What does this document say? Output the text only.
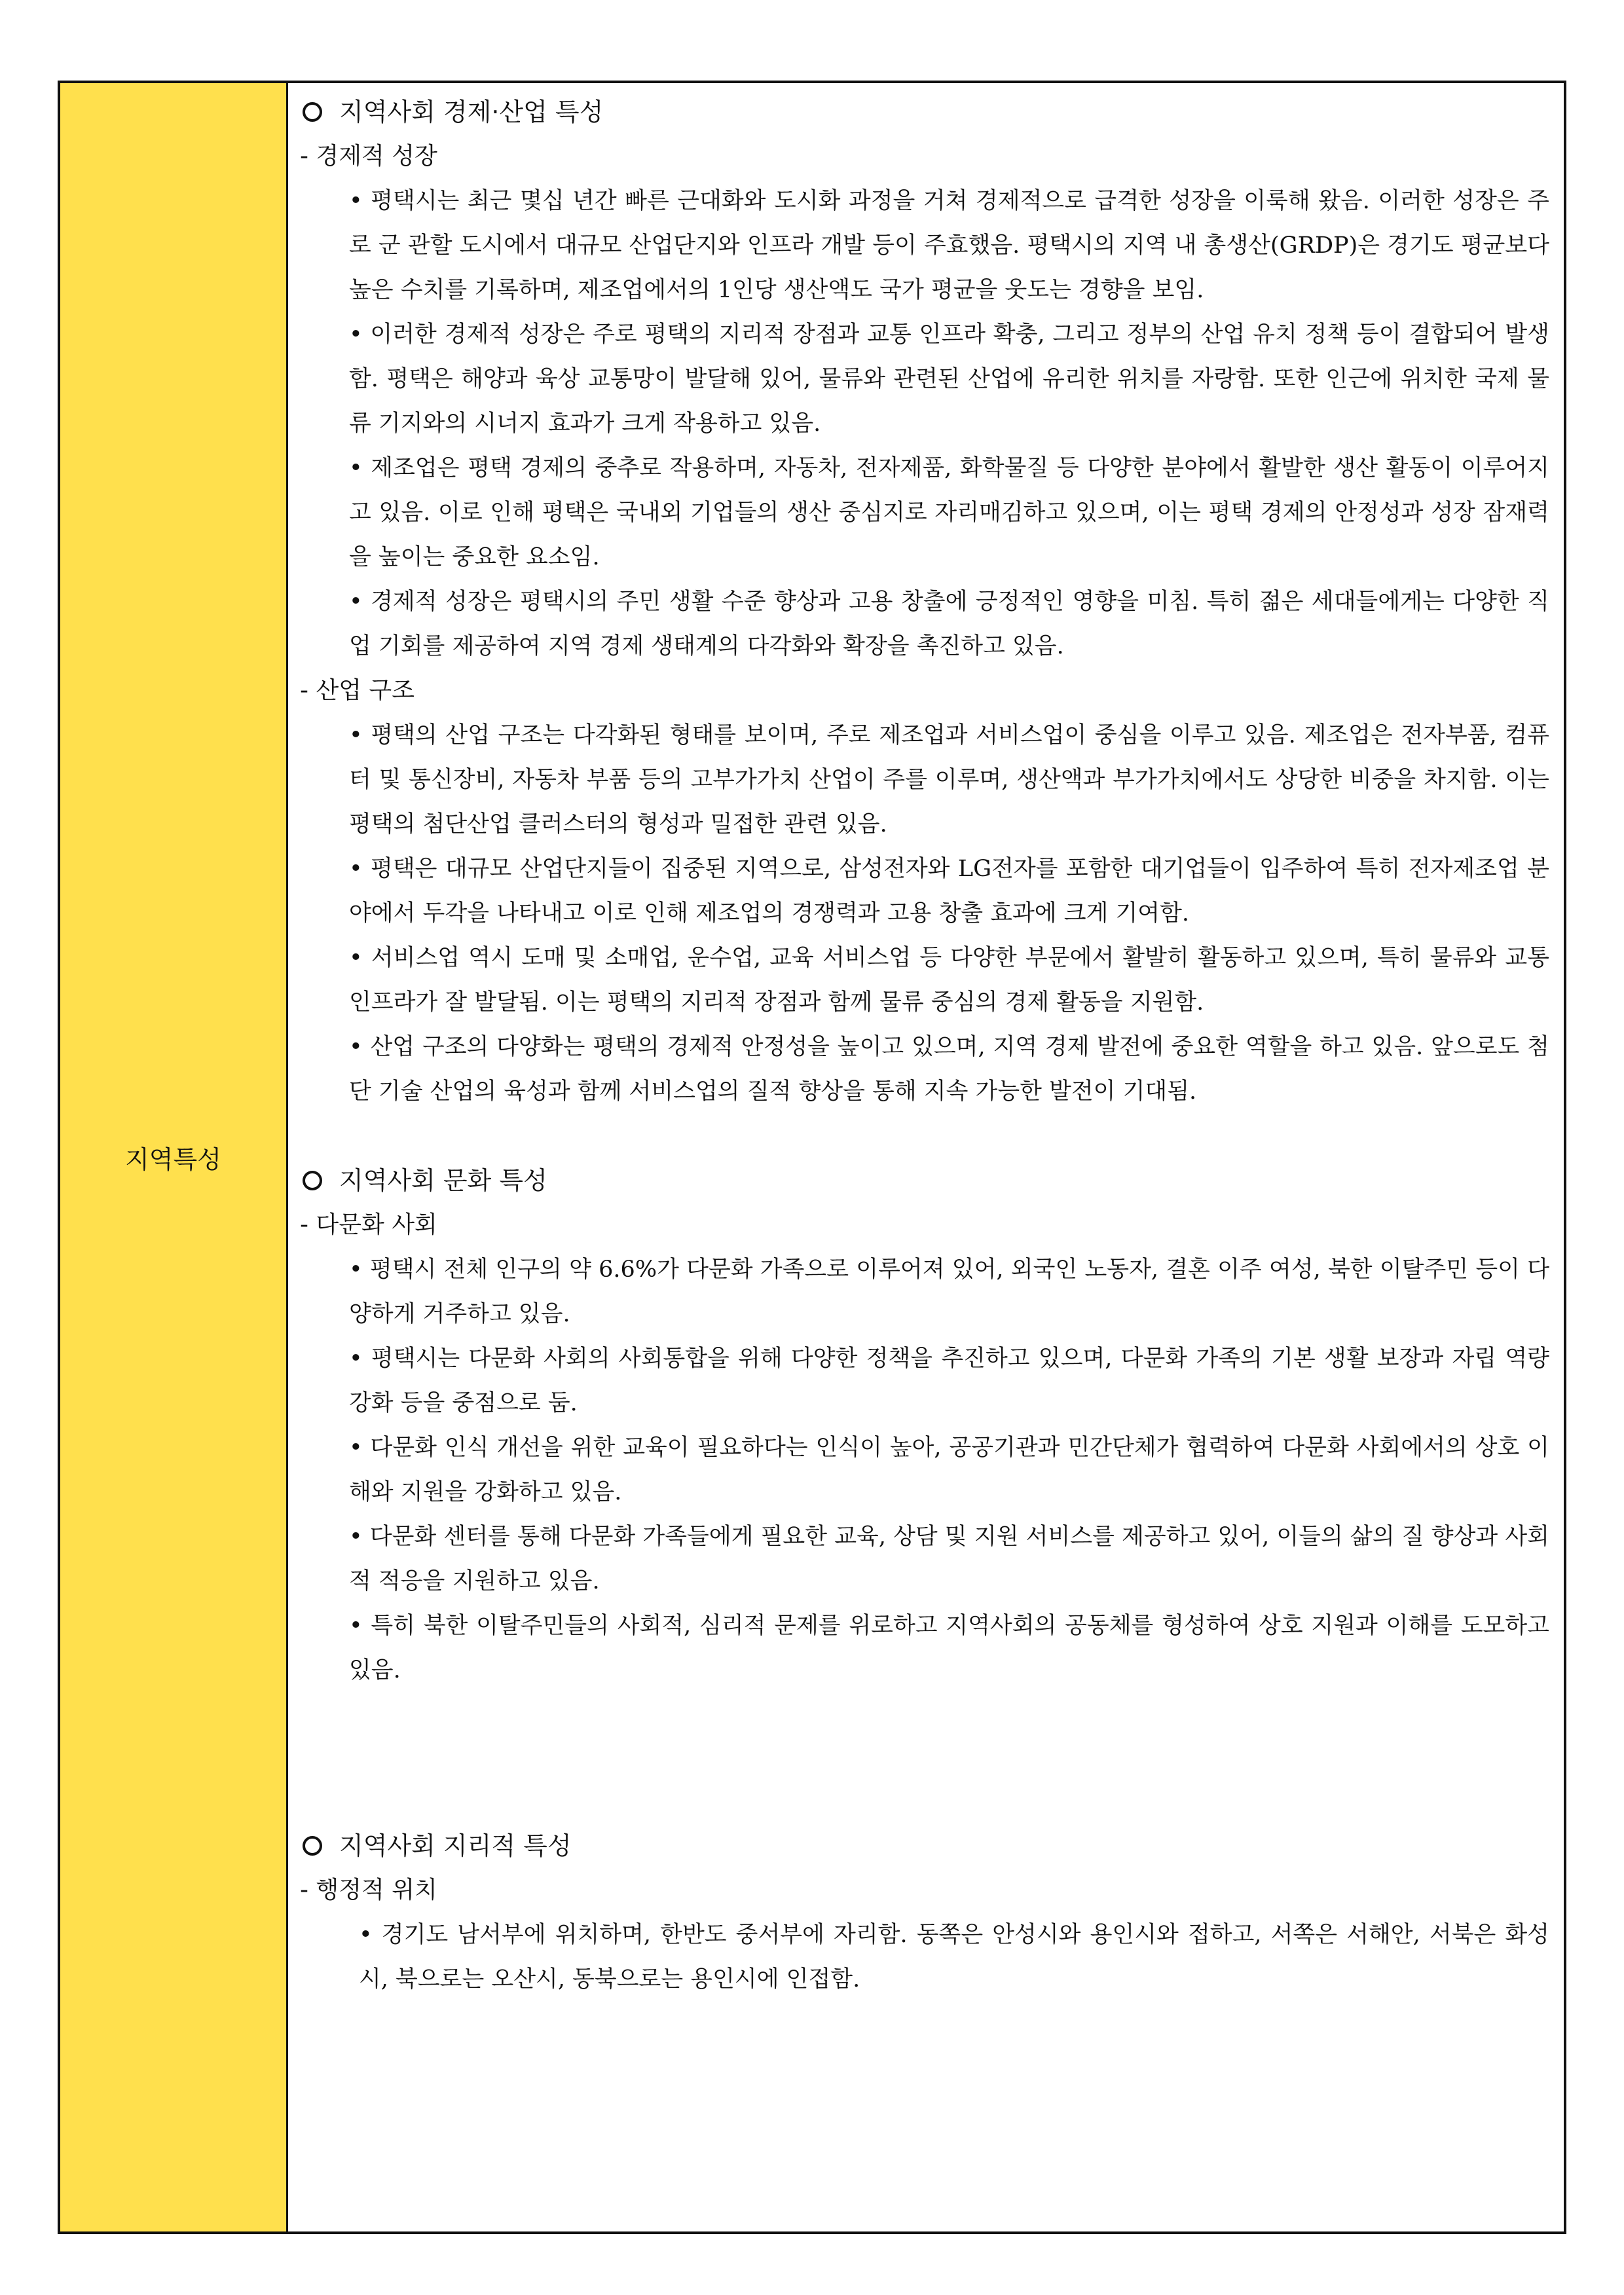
지역특성
지역사회 경제·산업 특성
- 경제적 성장
• 평택시는 최근 몇십 년간 빠른 근대화와 도시화 과정을 거쳐 경제적으로 급격한 성장을 이룩해 왔음. 이러한 성장은 주로 군 관할 도시에서 대규모 산업단지와 인프라 개발 등이 주효했음. 평택시의 지역 내 총생산(GRDP)은 경기도 평균보다 높은 수치를 기록하며, 제조업에서의 1인당 생산액도 국가 평균을 웃도는 경향을 보임.
• 이러한 경제적 성장은 주로 평택의 지리적 장점과 교통 인프라 확충, 그리고 정부의 산업 유치 정책 등이 결합되어 발생함. 평택은 해양과 육상 교통망이 발달해 있어, 물류와 관련된 산업에 유리한 위치를 자랑함. 또한 인근에 위치한 국제 물류 기지와의 시너지 효과가 크게 작용하고 있음.
• 제조업은 평택 경제의 중추로 작용하며, 자동차, 전자제품, 화학물질 등 다양한 분야에서 활발한 생산 활동이 이루어지고 있음. 이로 인해 평택은 국내외 기업들의 생산 중심지로 자리매김하고 있으며, 이는 평택 경제의 안정성과 성장 잠재력을 높이는 중요한 요소임.
• 경제적 성장은 평택시의 주민 생활 수준 향상과 고용 창출에 긍정적인 영향을 미침. 특히 젊은 세대들에게는 다양한 직업 기회를 제공하여 지역 경제 생태계의 다각화와 확장을 촉진하고 있음.
- 산업 구조
• 평택의 산업 구조는 다각화된 형태를 보이며, 주로 제조업과 서비스업이 중심을 이루고 있음. 제조업은 전자부품, 컴퓨터 및 통신장비, 자동차 부품 등의 고부가가치 산업이 주를 이루며, 생산액과 부가가치에서도 상당한 비중을 차지함. 이는 평택의 첨단산업 클러스터의 형성과 밀접한 관련 있음.
• 평택은 대규모 산업단지들이 집중된 지역으로, 삼성전자와 LG전자를 포함한 대기업들이 입주하여 특히 전자제조업 분야에서 두각을 나타내고 이로 인해 제조업의 경쟁력과 고용 창출 효과에 크게 기여함.
• 서비스업 역시 도매 및 소매업, 운수업, 교육 서비스업 등 다양한 부문에서 활발히 활동하고 있으며, 특히 물류와 교통 인프라가 잘 발달됨. 이는 평택의 지리적 장점과 함께 물류 중심의 경제 활동을 지원함.
• 산업 구조의 다양화는 평택의 경제적 안정성을 높이고 있으며, 지역 경제 발전에 중요한 역할을 하고 있음. 앞으로도 첨단 기술 산업의 육성과 함께 서비스업의 질적 향상을 통해 지속 가능한 발전이 기대됨.
지역사회 문화 특성
- 다문화 사회
• 평택시 전체 인구의 약 6.6%가 다문화 가족으로 이루어져 있어, 외국인 노동자, 결혼 이주 여성, 북한 이탈주민 등이 다양하게 거주하고 있음.
• 평택시는 다문화 사회의 사회통합을 위해 다양한 정책을 추진하고 있으며, 다문화 가족의 기본 생활 보장과 자립 역량 강화 등을 중점으로 둠.
• 다문화 인식 개선을 위한 교육이 필요하다는 인식이 높아, 공공기관과 민간단체가 협력하여 다문화 사회에서의 상호 이해와 지원을 강화하고 있음.
• 다문화 센터를 통해 다문화 가족들에게 필요한 교육, 상담 및 지원 서비스를 제공하고 있어, 이들의 삶의 질 향상과 사회적 적응을 지원하고 있음.
• 특히 북한 이탈주민들의 사회적, 심리적 문제를 위로하고 지역사회의 공동체를 형성하여 상호 지원과 이해를 도모하고 있음.
지역사회 지리적 특성
- 행정적 위치
• 경기도 남서부에 위치하며, 한반도 중서부에 자리함. 동쪽은 안성시와 용인시와 접하고, 서쪽은 서해안, 서북은 화성시, 북으로는 오산시, 동북으로는 용인시에 인접함.
